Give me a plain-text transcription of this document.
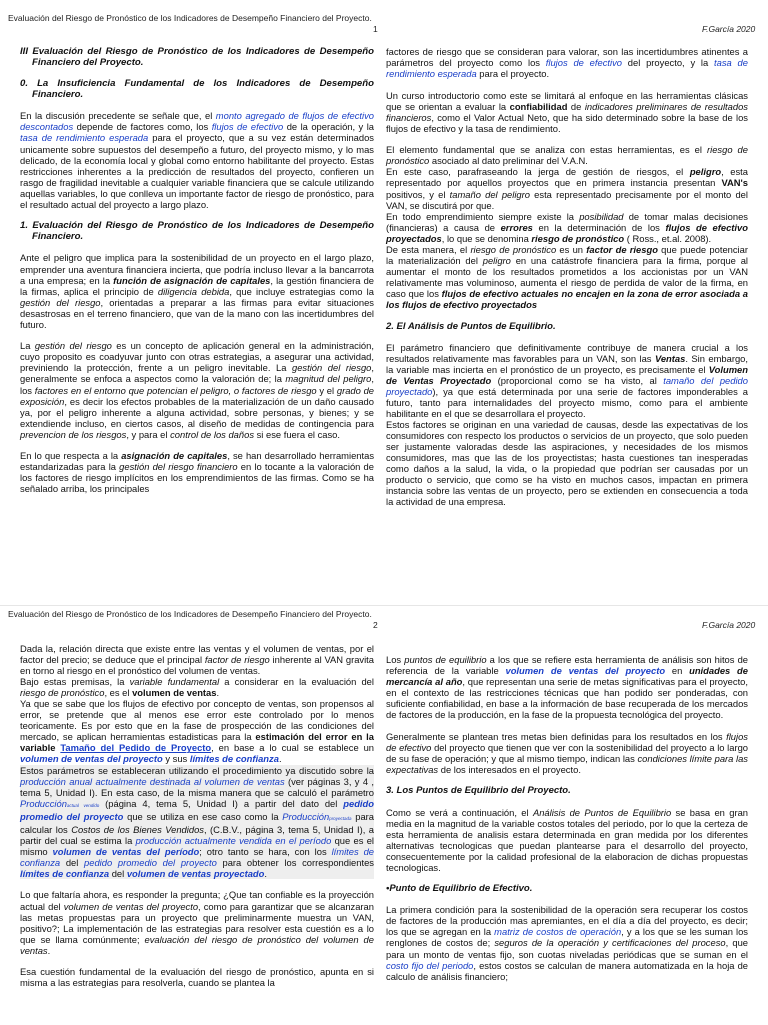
Evaluación del Riesgo de Pronóstico de los Indicadores de Desempeño Financiero del Proyecto.
1	F.García 2020
III Evaluación del Riesgo de Pronóstico de los Indicadores de Desempeño Financiero del Proyecto.
0. La Insuficiencia Fundamental de los Indicadores de Desempeño Financiero.

En la discusión precedente se señale que, el monto agregado de flujos de efectivo descontados depende de factores como, los flujos de efectivo de la operación, y la tasa de rendimiento esperada para el proyecto, que a su vez están determinados unicamente sobre supuestos del desempeño a futuro, del proyecto mismo, y lo mas delicado, de la economía local y global como entorno habilitante del proyecto. Estas restricciones inherentes a la predicción de resultados del proyecto, confieren un rasgo de fragilidad inevitable a cualquier variable financiera que se calcule utilizando aquellas variables, lo que conlleva un importante factor de riesgo de pronóstico, para el resultado actual del proyecto a largo plazo.

1. Evaluación del Riesgo de Pronóstico de los Indicadores de Desempeño Financiero.

Ante el peligro que implica para la sostenibilidad de un proyecto en el largo plazo, emprender una aventura financiera incierta, que podría incluso llevar a la bancarrota a una empresa; en la función de asignación de capitales, la gestión financiera de la firmas, aplica el principio de diligencia debida, que incluye estrategias como la gestión del riesgo, orientadas a preparar a las firmas para evitar situaciones desastrosas en el terreno financiero, que van de la mano con las incertidumbres del futuro.

La gestión del riesgo es un concepto de aplicación general en la administración, cuyo proposito es coadyuvar junto con otras estrategias, a asegurar una actividad, previniendo la protección, frente a un peligro inevitable. La gestión del riesgo, generalmente se enfoca a aspectos como la valoración de; la magnitud del peligro, los factores en el entorno que potencian el peligro, o factores de riesgo y el grado de exposición, es decir los efectos probables de la materialización de un daño causado ya, por el peligro inherente a alguna actividad, sobre personas, y bienes; y se extendiende incluso, en ciertos casos, al diseño de medidas de contingencia para prevencion de los riesgos, y para el control de los daños si ese fuera el caso.

En lo que respecta a la asignación de capitales, se han desarrollado herramientas estandarizadas para la gestión del riesgo financiero en lo tocante a la valoración de los factores de riesgo implícitos en los emprendimientos de las firmas. Como se ha señalado arriba, los principales

factores de riesgo que se consideran para valorar, son las incertidumbres atinentes a parámetros del proyecto como los flujos de efectivo del proyecto, y la tasa de rendimiento esperada para el proyecto.

Un curso introductorio como este se limitará al enfoque en las herramientas clásicas que se orientan a evaluar la confiabilidad de indicadores preliminares de resultados financieros, como el Valor Actual Neto, que ha sido determinado sobre la base de los flujos de efectivo y la tasa de rendimiento.

El elemento fundamental que se analiza con estas herramientas, es el riesgo de pronóstico asociado al dato preliminar del V.A.N.
En este caso, parafraseando la jerga de gestión de riesgos, el peligro, esta representado por aquellos proyectos que en primera instancia presentan VAN's positivos, y el tamaño del peligro esta representado precisamente por el monto del VAN, se discutirá por que.
En todo emprendimiento siempre existe la posibilidad de tomar malas decisiones (financieras) a causa de errores en la determinación de los flujos de efectivo proyectados, lo que se denomina riesgo de pronóstico ( Ross., et.al. 2008).
De esta manera, el riesgo de pronóstico es un factor de riesgo que puede potenciar la materialización del peligro en una catástrofe financiera para la firma, porque al aumentar el monto de los resultados prometidos a los accionistas por un VAN relativamente mas voluminoso, aumenta el riesgo de perdida de valor de la firma, en caso que los flujos de efectivo actuales no encajen en la zona de error asociada a los flujos de efectivo proyectados

2. El Análisis de Puntos de Equilibrio.

El parámetro financiero que definitivamente contribuye de manera crucial a los resultados relativamente mas favorables para un VAN, son las Ventas. Sin embargo, la variable mas incierta en el pronóstico de un proyecto, es precisamente el Volumen de Ventas Proyectado (proporcional como se ha visto, al tamaño del pedido proyectado), ya que está determinada por una serie de factores imponderables a futuro, tanto para internalidades del proyecto mismo, como para el ambiente habilitante en el que se desarrollara el proyecto.
Estos factores se originan en una variedad de causas, desde las expectativas de los consumidores con respecto los productos o servicios de un proyecto, que solo pueden ser justamente valoradas desde las aspiraciones, y necesidades de los mismos consumidores, mas que las de los proyectistas; hasta cuestiones tan inesperadas como daños a la salud, la vida, o la propiedad que podrían ser causadas por un producto o servicio, que como se ha visto en muchos casos, impactan en primera instancia sobre las ventas de un proyecto, pero se extienden en consecuencia a toda la actividad de una empresa.

Evaluación del Riesgo de Pronóstico de los Indicadores de Desempeño Financiero del Proyecto.
2	F.García 2020

Dada la, relación directa que existe entre las ventas y el volumen de ventas, por el factor del precio; se deduce que el principal factor de riesgo inherente al VAN gravita en torno al riesgo en el pronóstico del volumen de ventas.
Bajo estas premisas, la variable fundamental a considerar en la evaluación del riesgo de pronóstico, es el volumen de ventas.

Ya que se sabe que los flujos de efectivo por concepto de ventas, son propensos al error, se pretende que al menos ese error este controlado por lo menos teoricamente. Es por esto que en la fase de prospección de las condiciones del mercado, se aplican herramientas estadisticas para la estimación del error en la variable Tamaño del Pedido de Proyecto, en base a lo cual se establece un volumen de ventas del proyecto y sus límites de confianza.

Estos parámetros se estableceran utilizando el procedimiento ya discutido sobre la producción anual actualmente destinada al volumen de ventas (ver páginas 3, y 4 , tema 5, Unidad I). En esta caso, de la misma manera que se calculó el parámetro Producciónactual vendido (página 4, tema 5, Unidad I) a partir del dato del pedido promedio del proyecto que se utiliza en ese caso como la Producciónproyectada para calcular los Costos de los Bienes Vendidos, (C.B.V., página 3, tema 5, Unidad I), a partir del cual se estima la producción actualmente vendida en el período que es el mismo volumen de ventas del período; otro tanto se hara, con los límites de confianza del pedido promedio del proyecto para obtener los correspondientes límites de confianza del volumen de ventas proyectado.

Lo que faltaría ahora, es responder la pregunta; ¿Que tan confiable es la proyección actual del volumen de ventas del proyecto, como para garantizar que se alcanzaran las metas propuestas para un proyecto que preliminarmente muestra un VAN, positivo?; La implementación de las estrategias para resolver esta cuestión es a lo que se llama comúnmente; evaluación del riesgo de pronóstico del volumen de ventas.

Esa cuestión fundamental de la evaluación del riesgo de pronóstico, apunta en si misma a las estrategias para resolverla, cuando se plantea la

Los puntos de equilibrio a los que se refiere esta herramienta de análisis son hitos de referencia de la variable volumen de ventas del proyecto en unidades de mercancía al año, que representan una serie de metas significativas para el proyecto, en el contexto de las restricciones técnicas que han podido ser ponderadas, con suficiente confiabilidad, en base a la información de base recuperada de los mercados de factores de la producción, en la fase de la propuesta tecnológica del proyecto.

Generalmente se plantean tres metas bien definidas para los resultados en los flujos de efectivo del proyecto que tienen que ver con la sostenibilidad del proyecto a lo largo de su fase de operación; y que al mismo tiempo, indican las condiciones límite para las expectativas de los interesados en el proyecto.

3. Los Puntos de Equilibrio del Proyecto.

Como se verá a continuación, el Análisis de Puntos de Equilibrio se basa en gran media en la magnitud de la variable costos totales del periodo, por lo que la certeza de esta herramienta de analisis estara determinada en gran medida por los diferentes alternativas tecnologicas que puedan plantearse para el desarrollo del proyecto, consecuentemente por la calidad profesional de la elaboracion de dichas propuestas tecnologicas.

•Punto de Equilibrio de Efectivo.

La primera condición para la sostenibilidad de la operación sera recuperar los costos de factores de la producción mas apremiantes, en el día a día del proyecto, es decir; los que se agregan en la matriz de costos de operación, y a los que se les suman los renglones de costos de; seguros de la operación y certificaciones del proceso, que para un monto de ventas fijo, son cuotas niveladas periódicas que se suman en el costo fijo del periodo, estos costos se calculan de manera automatizada en la hoja de calculo de análisis financiero;
